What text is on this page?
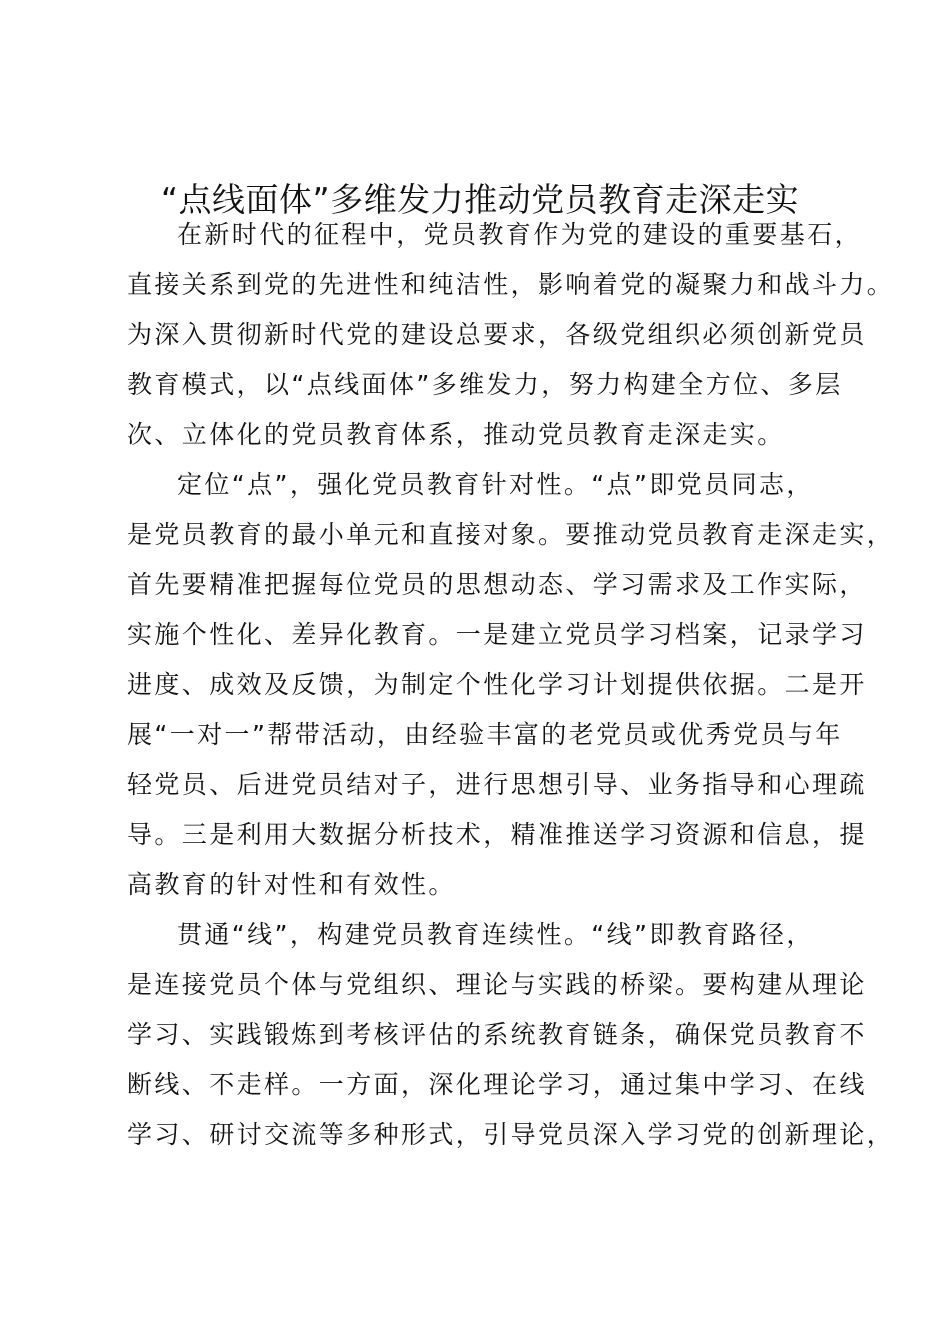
“点线面体”多维发力推动党员教育走深走实
在新时代的征程中，党员教育作为党的建设的重要基石，
直接关系到党的先进性和纯洁性，影响着党的凝聚力和战斗力。
为深入贯彻新时代党的建设总要求，各级党组织必须创新党员
教育模式，以“点线面体”多维发力，努力构建全方位、多层
次、立体化的党员教育体系，推动党员教育走深走实。
定位“点”，强化党员教育针对性。“点”即党员同志，
是党员教育的最小单元和直接对象。要推动党员教育走深走实，
首先要精准把握每位党员的思想动态、学习需求及工作实际，
实施个性化、差异化教育。一是建立党员学习档案，记录学习
进度、成效及反馈，为制定个性化学习计划提供依据。二是开
展“一对一”帮带活动，由经验丰富的老党员或优秀党员与年
轻党员、后进党员结对子，进行思想引导、业务指导和心理疏
导。三是利用大数据分析技术，精准推送学习资源和信息，提
高教育的针对性和有效性。
贯通“线”，构建党员教育连续性。“线”即教育路径，
是连接党员个体与党组织、理论与实践的桥梁。要构建从理论
学习、实践锻炼到考核评估的系统教育链条，确保党员教育不
断线、不走样。一方面，深化理论学习，通过集中学习、在线
学习、研讨交流等多种形式，引导党员深入学习党的创新理论，
